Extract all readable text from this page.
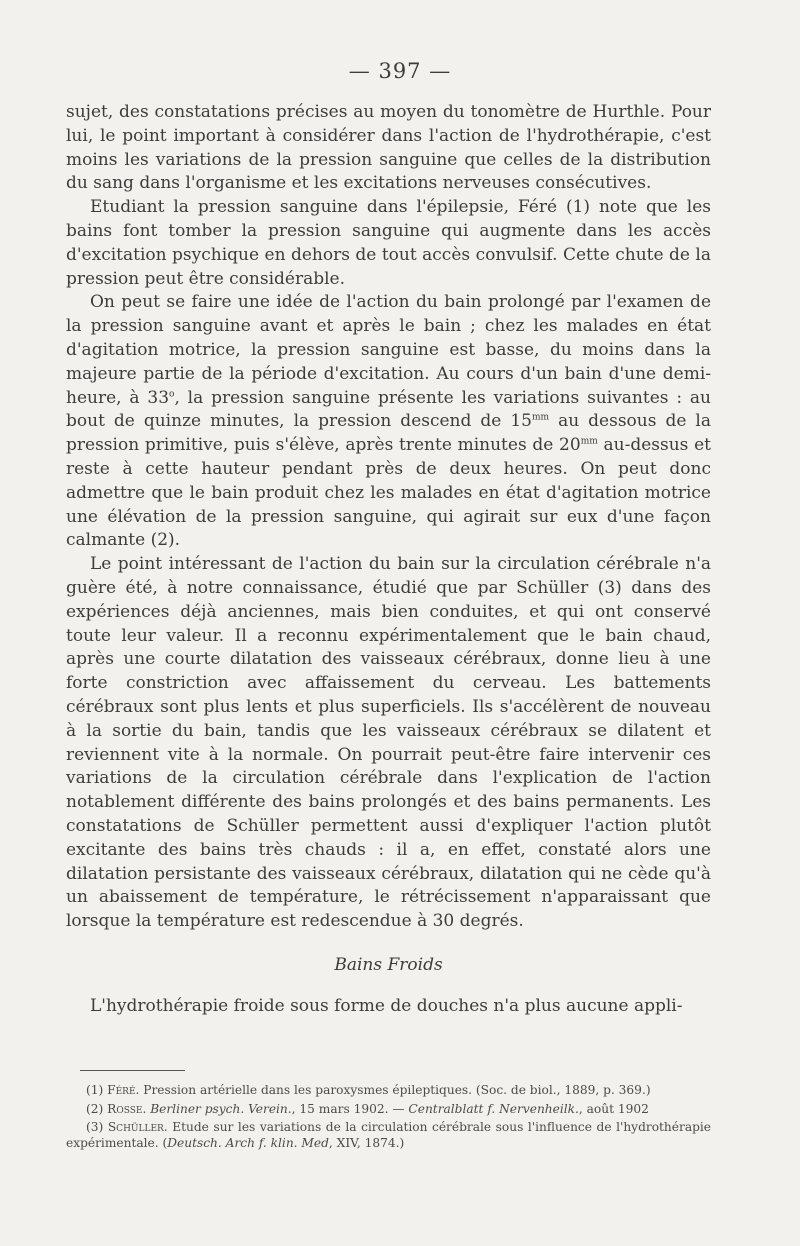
— 397 —

sujet, des constatations précises au moyen du tonomètre de Hurthle. Pour lui, le point important à considérer dans l'action de l'hydrothérapie, c'est moins les variations de la pression sanguine que celles de la distribution du sang dans l'organisme et les excitations nerveuses consécutives.

Etudiant la pression sanguine dans l'épilepsie, Féré (1) note que les bains font tomber la pression sanguine qui augmente dans les accès d'excitation psychique en dehors de tout accès convulsif. Cette chute de la pression peut être considérable.

On peut se faire une idée de l'action du bain prolongé par l'examen de la pression sanguine avant et après le bain ; chez les malades en état d'agitation motrice, la pression sanguine est basse, du moins dans la majeure partie de la période d'excitation. Au cours d'un bain d'une demi-heure, à 33$^o$, la pression sanguine présente les variations suivantes : au bout de quinze minutes, la pression descend de $15^{mm}$ au dessous de la pression primitive, puis s'élève, après trente minutes de $20^{mm}$ au-dessus et reste à cette hauteur pendant près de deux heures. On peut donc admettre que le bain produit chez les malades en état d'agitation motrice une élévation de la pression sanguine, qui agirait sur eux d'une façon calmante (2).

Le point intéressant de l'action du bain sur la circulation cérébrale n'a guère été, à notre connaissance, étudié que par Schüller (3) dans des expériences déjà anciennes, mais bien conduites, et qui ont conservé toute leur valeur. Il a reconnu expérimentalement que le bain chaud, après une courte dilatation des vaisseaux cérébraux, donne lieu à une forte constriction avec affaissement du cerveau. Les battements cérébraux sont plus lents et plus superficiels. Ils s'accélèrent de nouveau à la sortie du bain, tandis que les vaisseaux cérébraux se dilatent et reviennent vite à la normale. On pourrait peut-être faire intervenir ces variations de la circulation cérébrale dans l'explication de l'action notablement différente des bains prolongés et des bains permanents. Les constatations de Schüller permettent aussi d'expliquer l'action plutôt excitante des bains très chauds : il a, en effet, constaté alors une dilatation persistante des vaisseaux cérébraux, dilatation qui ne cède qu'à un abaissement de température, le rétrécissement n'apparaissant que lorsque la température est redescendue à 30 degrés.

Bains Froids

L'hydrothérapie froide sous forme de douches n'a plus aucune appli-

(1) Féré. Pression artérielle dans les paroxysmes épileptiques. (Soc. de biol., 1889, p. 369.)

(2) Rosse. Berliner psych. Verein., 15 mars 1902. — Centralblatt f. Nervenheilk., août 1902

(3) Schüller. Etude sur les variations de la circulation cérébrale sous l'influence de l'hydrothérapie expérimentale. (Deutsch. Arch f. klin. Med, XIV, 1874.)
